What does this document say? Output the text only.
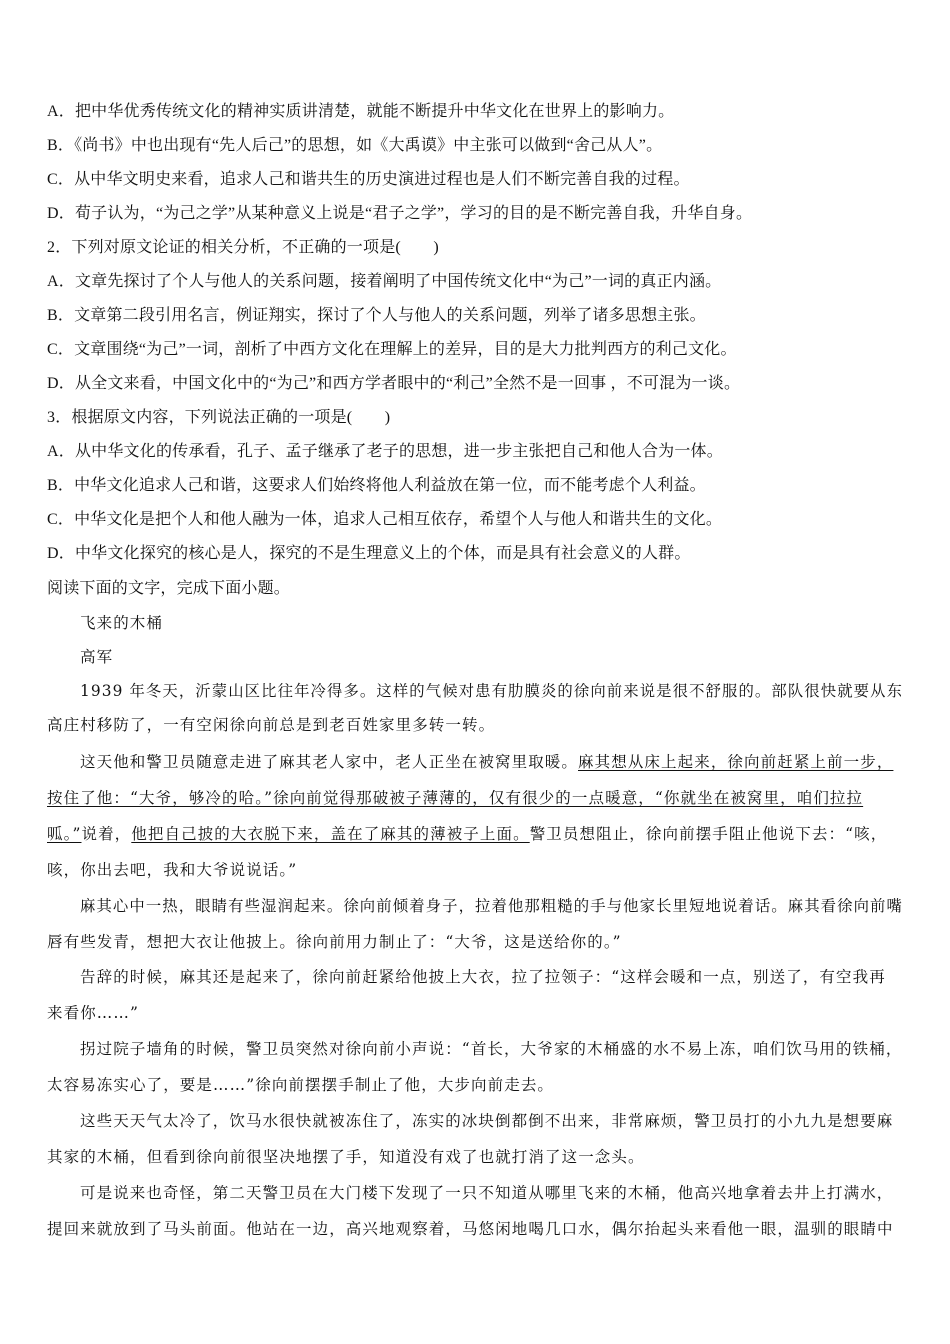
A．把中华优秀传统文化的精神实质讲清楚，就能不断提升中华文化在世界上的影响力。
B．《尚书》中也出现有“先人后己”的思想，如《大禹谟》中主张可以做到“舍己从人”。
C．从中华文明史来看，追求人己和谐共生的历史演进过程也是人们不断完善自我的过程。
D．荀子认为，“为己之学”从某种意义上说是“君子之学”，学习的目的是不断完善自我，升华自身。
2．下列对原文论证的相关分析，不正确的一项是(　　)
A．文章先探讨了个人与他人的关系问题，接着阐明了中国传统文化中“为己”一词的真正内涵。
B．文章第二段引用名言，例证翔实，探讨了个人与他人的关系问题，列举了诸多思想主张。
C．文章围绕“为己”一词，剖析了中西方文化在理解上的差异，目的是大力批判西方的利己文化。
D．从全文来看，中国文化中的“为己”和西方学者眼中的“利己”全然不是一回事 ，不可混为一谈。
3．根据原文内容，下列说法正确的一项是(　　)
A．从中华文化的传承看，孔子、孟子继承了老子的思想，进一步主张把自己和他人合为一体。
B．中华文化追求人己和谐，这要求人们始终将他人利益放在第一位，而不能考虑个人利益。
C．中华文化是把个人和他人融为一体，追求人己相互依存，希望个人与他人和谐共生的文化。
D．中华文化探究的核心是人，探究的不是生理意义上的个体，而是具有社会意义的人群。
阅读下面的文字，完成下面小题。
飞来的木桶
高军
1939 年冬天，沂蒙山区比往年冷得多。这样的气候对患有肋膜炎的徐向前来说是很不舒服的。部队很快就要从东
高庄村移防了，一有空闲徐向前总是到老百姓家里多转一转。
这天他和警卫员随意走进了麻其老人家中，老人正坐在被窝里取暖。麻其想从床上起来，徐向前赶紧上前一步，
按住了他：“大爷，够冷的哈。”徐向前觉得那破被子薄薄的，仅有很少的一点暖意，“你就坐在被窝里，咱们拉拉
呱。”说着，他把自己披的大衣脱下来，盖在了麻其的薄被子上面。警卫员想阻止，徐向前摆手阻止他说下去：“咳，
咳，你出去吧，我和大爷说说话。”
麻其心中一热，眼睛有些湿润起来。徐向前倾着身子，拉着他那粗糙的手与他家长里短地说着话。麻其看徐向前嘴
唇有些发青，想把大衣让他披上。徐向前用力制止了：“大爷，这是送给你的。”
告辞的时候，麻其还是起来了，徐向前赶紧给他披上大衣，拉了拉领子：“这样会暖和一点，别送了，有空我再
来看你……”
拐过院子墙角的时候，警卫员突然对徐向前小声说：“首长，大爷家的木桶盛的水不易上冻，咱们饮马用的铁桶，
太容易冻实心了，要是……”徐向前摆摆手制止了他，大步向前走去。
这些天天气太冷了，饮马水很快就被冻住了，冻实的冰块倒都倒不出来，非常麻烦，警卫员打的小九九是想要麻
其家的木桶，但看到徐向前很坚决地摆了手，知道没有戏了也就打消了这一念头。
可是说来也奇怪，第二天警卫员在大门楼下发现了一只不知道从哪里飞来的木桶，他高兴地拿着去井上打满水，
提回来就放到了马头前面。他站在一边，高兴地观察着，马悠闲地喝几口水，偶尔抬起头来看他一眼，温驯的眼睛中
